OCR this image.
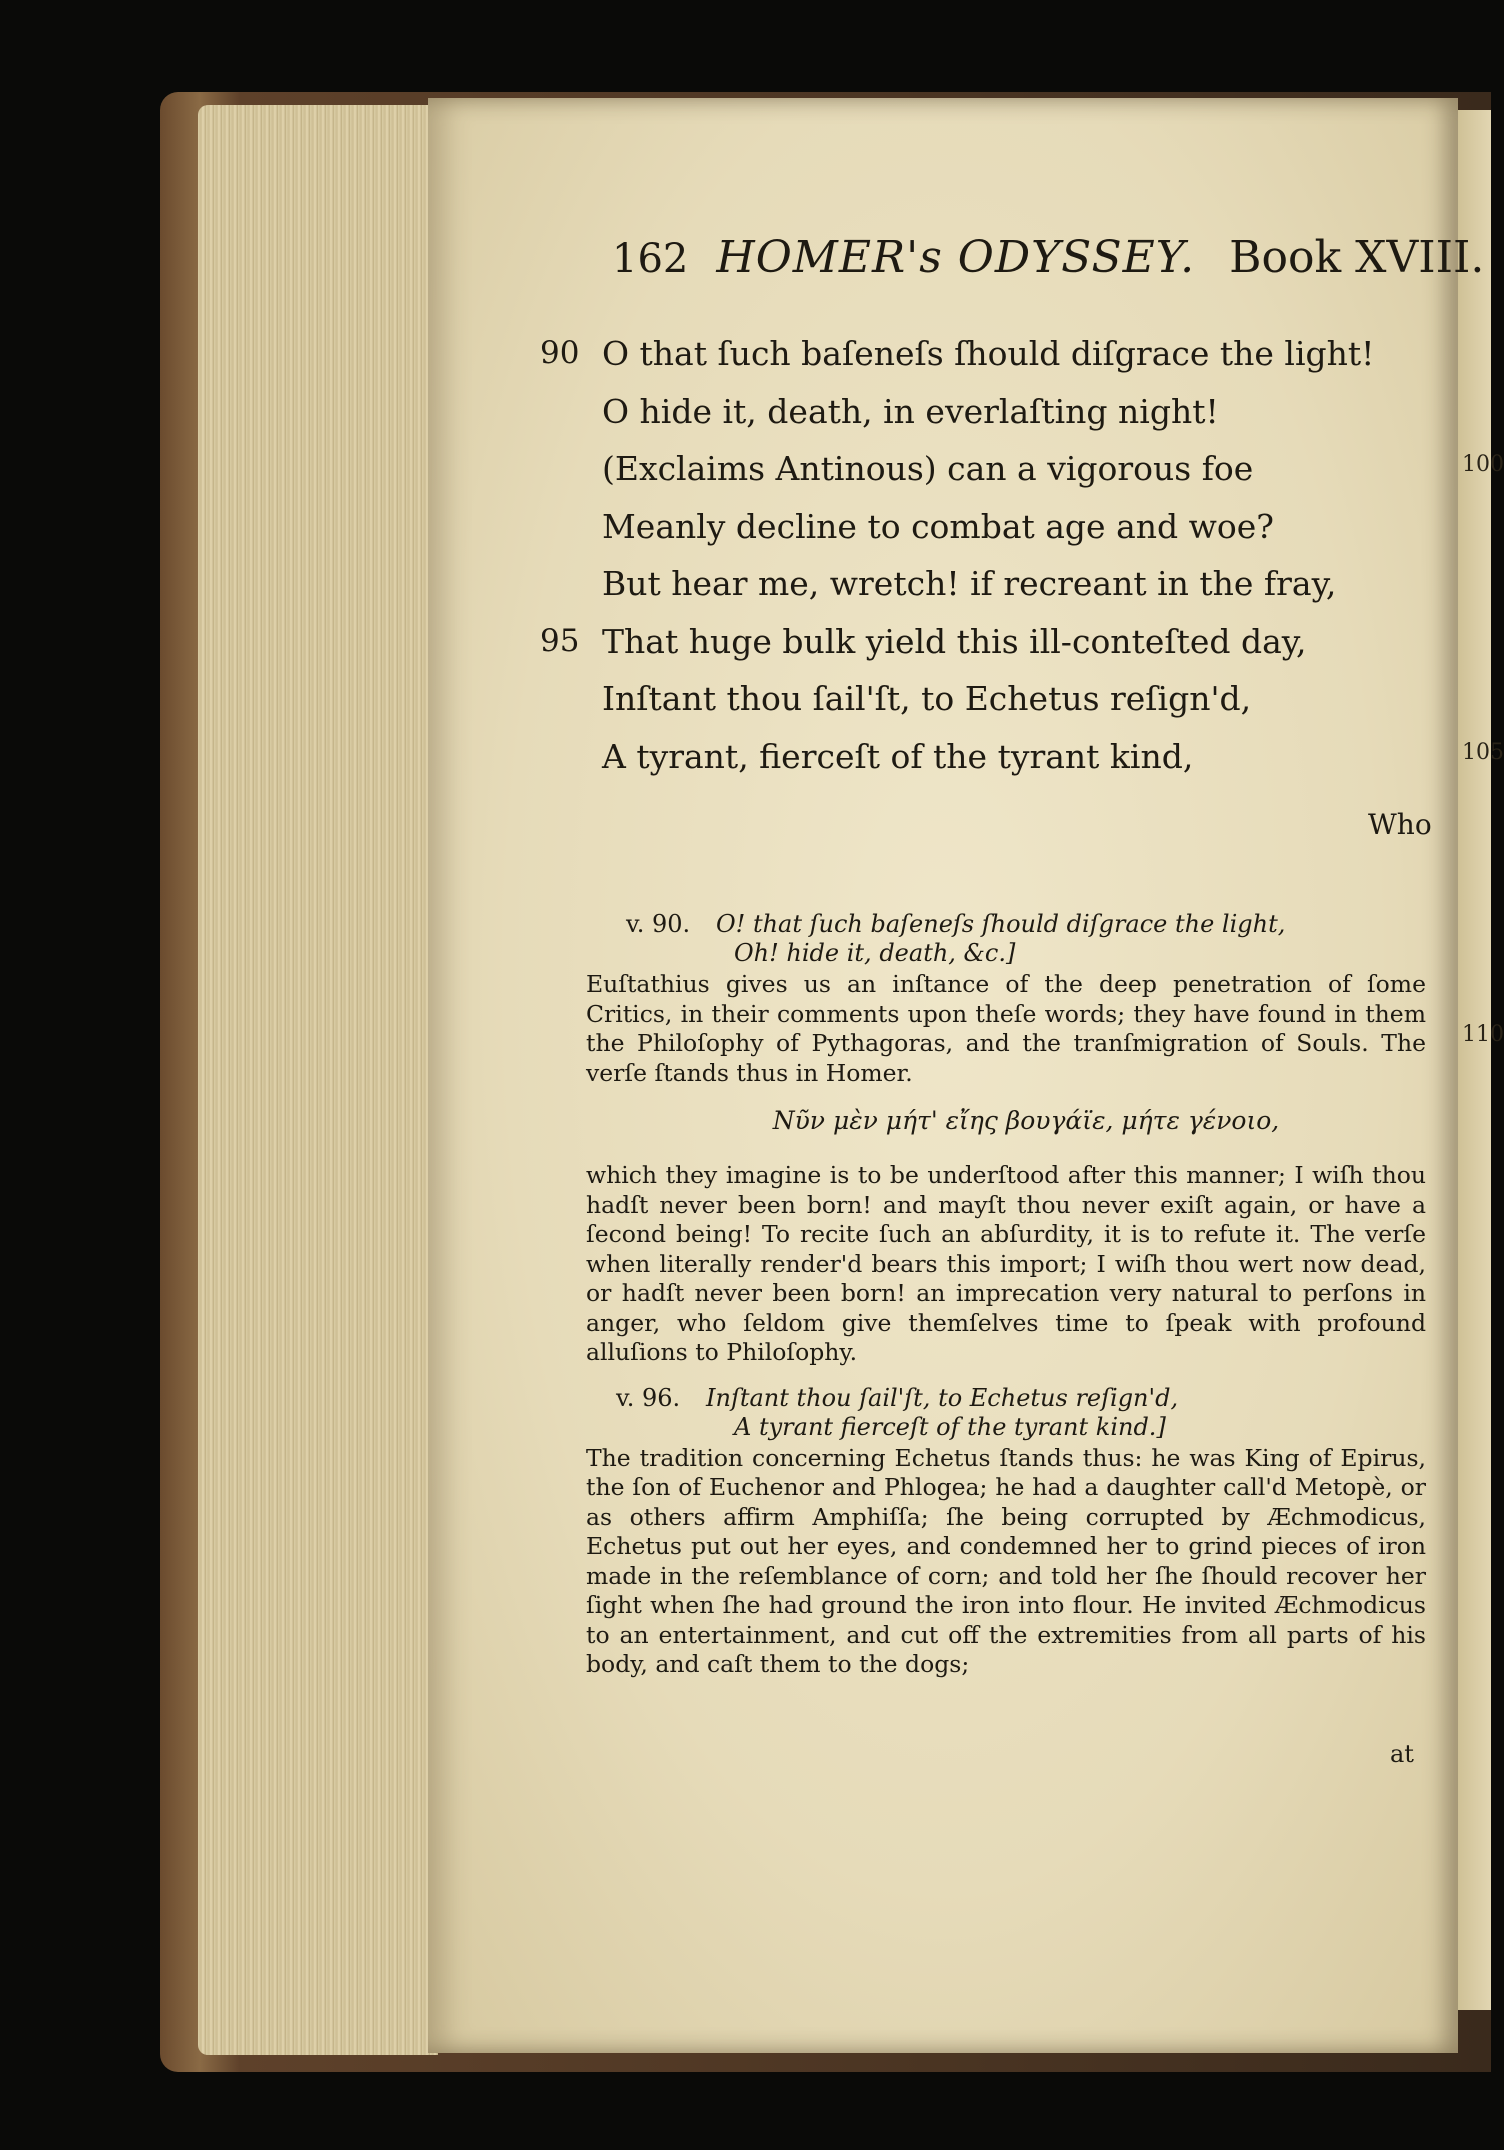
100
105
110
162 HOMER's ODYSSEY. Book XVIII.
90 O that ſuch baſeneſs ſhould diſgrace the light!
O hide it, death, in everlaſting night!
(Exclaims Antinous) can a vigorous foe
Meanly decline to combat age and woe?
But hear me, wretch! if recreant in the fray,
95 That huge bulk yield this ill-conteſted day,
Inſtant thou ſail'ſt, to Echetus reſign'd,
A tyrant, fierceſt of the tyrant kind,
Who
v. 90. O! that ſuch baſeneſs ſhould diſgrace the light,
Oh! hide it, death, &c.]

Euſtathius gives us an inſtance of the deep penetration of ſome Critics, in their comments upon theſe words; they have found in them the Philoſophy of Pythagoras, and the tranſmigration of Souls. The verſe ſtands thus in Homer.

Νῦν μὲν μήτ' εἴης βουγάϊε, μήτε γένοιο,

which they imagine is to be underſtood after this manner; I wiſh thou hadſt never been born! and mayſt thou never exiſt again, or have a ſecond being! To recite ſuch an abſurdity, it is to refute it. The verſe when literally render'd bears this import; I wiſh thou wert now dead, or hadſt never been born! an imprecation very natural to perſons in anger, who ſeldom give themſelves time to ſpeak with profound alluſions to Philoſophy.

v. 96. Inſtant thou ſail'ſt, to Echetus reſign'd,
A tyrant fierceſt of the tyrant kind.]

The tradition concerning Echetus ſtands thus: he was King of Epirus, the ſon of Euchenor and Phlogea; he had a daughter call'd Metopè, or as others affirm Amphiſſa; ſhe being corrupted by Æchmodicus, Echetus put out her eyes, and condemned her to grind pieces of iron made in the reſemblance of corn; and told her ſhe ſhould recover her ſight when ſhe had ground the iron into flour. He invited Æchmodicus to an entertainment, and cut off the extremities from all parts of his body, and caſt them to the dogs;

at
